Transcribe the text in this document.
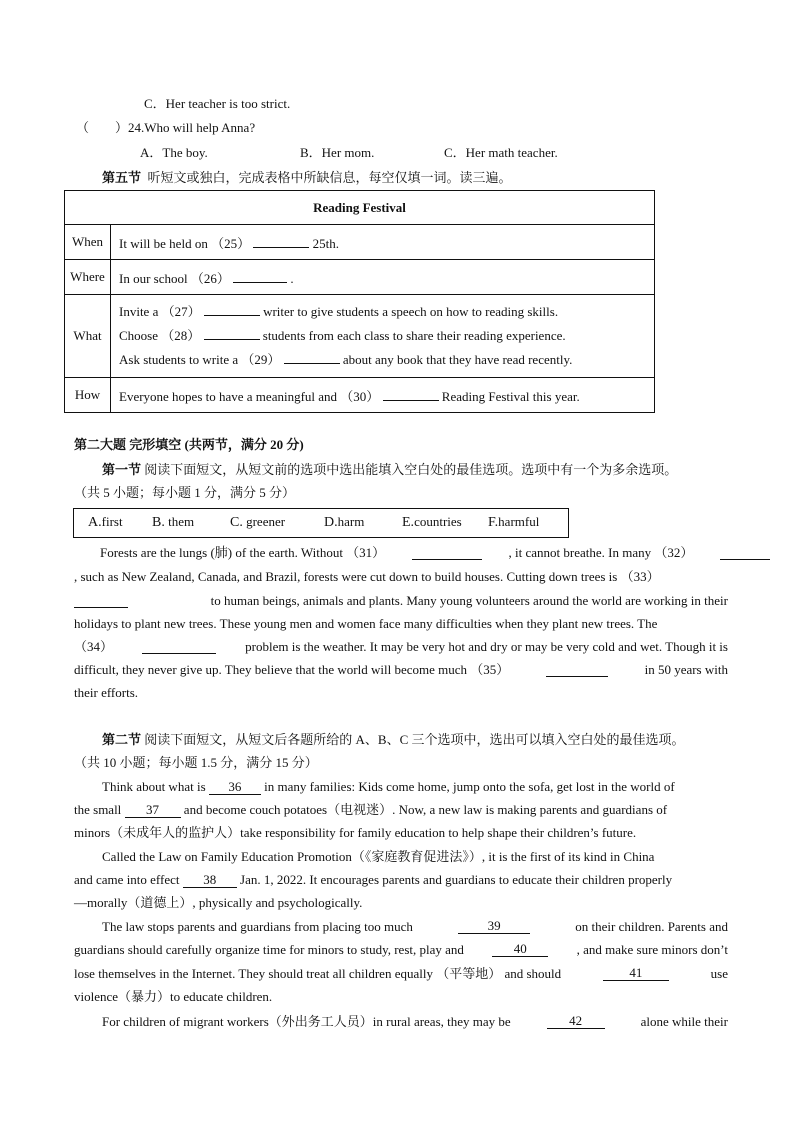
C．Her teacher is too strict.
（　　）24.Who will help Anna?
A．The boy.	B．Her mom.	C．Her math teacher.
第五节 听短文或独白，完成表格中所缺信息，每空仅填一词。读三遍。
Reading Festival	
When	It will be held on （25） 25th.
Where	In our school （26） .
What	Invite a （27） writer to give students a speech on how to reading skills.
Choose （28） students from each class to share their reading experience.
Ask students to write a （29） about any book that they have read recently.

How	Everyone hopes to have a meaningful and （30） Reading Festival this year.
第二大题 完形填空 (共两节，满分 20 分)
第一节 阅读下面短文，从短文前的选项中选出能填入空白处的最佳选项。选项中有一个为多余选项。
（共 5 小题；每小题 1 分，满分 5 分）
A.first B. them	C. greener	D.harm	E.countries F.harmful
Forests are the lungs (肺) of the earth. Without （31）	, it cannot breathe. In many （32）
, such as New Zealand, Canada, and Brazil, forests were cut down to build houses. Cutting down trees is （33）
to human beings, animals and plants. Many young volunteers around the world are working in their
holidays to plant new trees. These young men and women face many difficulties when they plant new trees. The
（34）	problem is the weather. It may be very hot and dry or may be very cold and wet. Though it is
difficult, they never give up. They believe that the world will become much （35）	in 50 years with
their efforts.
第二节 阅读下面短文，从短文后各题所给的 A、B、C 三个选项中，选出可以填入空白处的最佳选项。
（共 10 小题；每小题 1.5 分，满分 15 分）
Think about what is 36 in many families: Kids come home, jump onto the sofa, get lost in the world of
the small 37 and become couch potatoes（电视迷）. Now, a new law is making parents and guardians of
minors（未成年人的监护人）take responsibility for family education to help shape their children’s future.
Called the Law on Family Education Promotion（《家庭教育促进法》）, it is the first of its kind in China
and came into effect 38 Jan. 1, 2022. It encourages parents and guardians to educate their children properly
—morally（道德上）, physically and psychologically.
The law stops parents and guardians from placing too much	39	on their children. Parents and
guardians should carefully organize time for minors to study, rest, play and	40	, and make sure minors don’t
lose themselves in the Internet. They should treat all children equally （平等地） and should	41	use
violence（暴力）to educate children.
For children of migrant workers（外出务工人员）in rural areas, they may be	42	alone while their
